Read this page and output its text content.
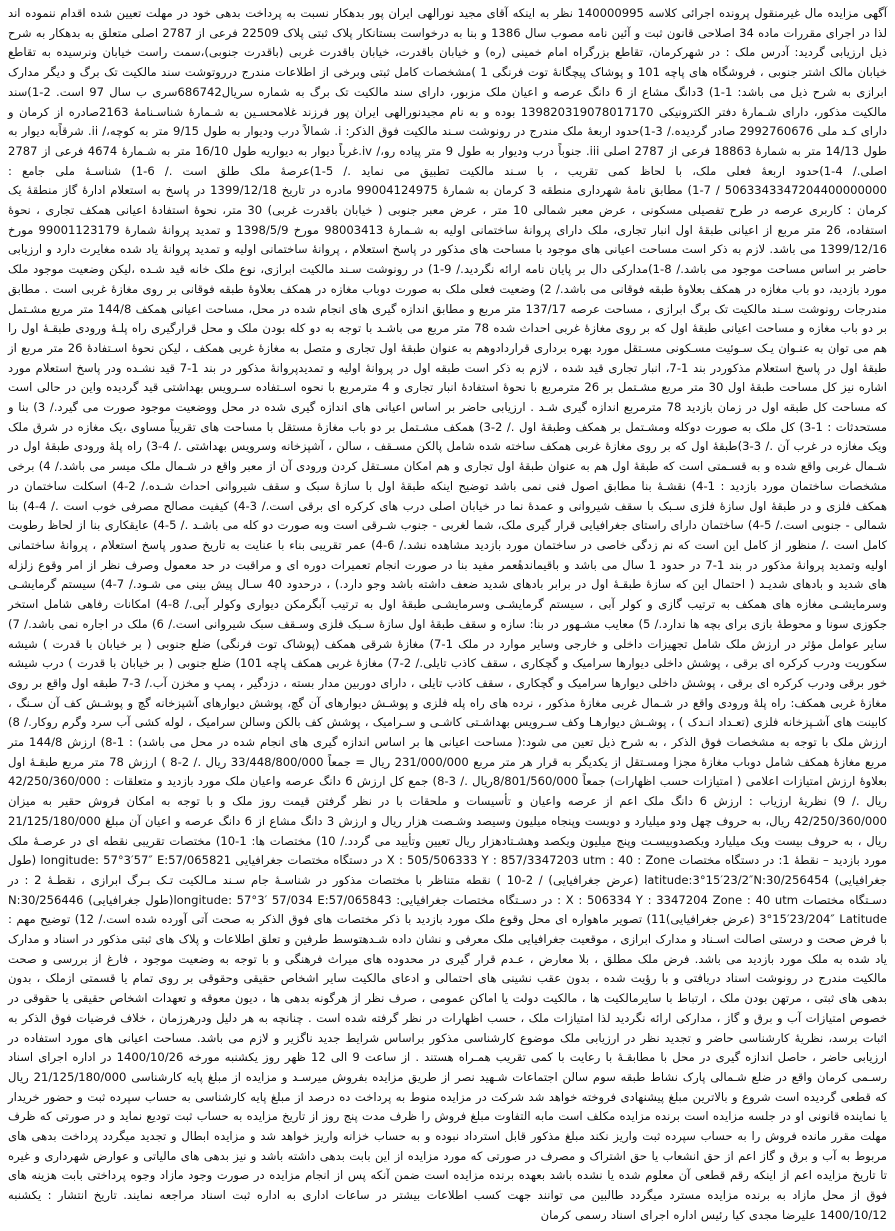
آگهی مزایده مال غیرمنقول پرونده اجرائی کلاسه 140000995 نظر به اینکه آقای مجید نورالهی ایران پور بدهکار نسبت به پرداخت بدهی خود در مهلت تعیین شده اقدام ننموده اند لذا در اجرای مقررات ماده 34 اصلاحی قانون ثبت و آئین نامه مصوب سال 1386 و بنا به درخواست بستانکار پلاک ثبتی پلاک 22509 فرعی از 2787 اصلی متعلق به بدهکار به شرح ذیل ارزیابی گردید: آدرس ملک : در شهرکرمان، تقاطع بزرگراه امام خمینی (ره) و خیابان باقدرت، خیابان باقدرت غربی (باقدرت جنوبی)،سمت راست خیابان ونرسیده به تقاطع خیابان مالک اشتر جنوبی ، فروشگاه های پاچه 101 و پوشاک پیچگانهٔ توت فرنگی 1 )مشخصات کامل ثبتی وبرخی از اطلاعات مندرج درروتوشت سند مالکیت تک برگ و دیگر مدارک ابرازی به شرح ذیل می باشد: 1-1) 3دانگ مشاع از 6 دانگ عرصه و اعیان ملک مزبور، دارای سند مالکیت تک برگ به شماره سریال686742سری ب سال 97 است. 2-1)سند مالکیت مذکور، دارای شـمارهٔ دفتر الکترونیکی 139820319078017170 بوده و به نام مجیدنورالهی ایران پور فرزند غلامحسـین به شـمارهٔ شناسـنامهٔ 2163صادره از کرمان و دارای کـد ملی 2992760676 صادر گردیده./ 3-1)حدود اربعهٔ ملک مندرج در رونوشت سـند مالکیت فوق الذکر: i. شمالاً درب ودیوار به طول 9/15 متر به کوچه،/ ii. شرقاًبه دیوار به طول 14/13 متر به شمارهٔ 18863 فرعی از 2787 اصلی iii. جنوباً درب ودیوار به طول 9 متر پیاده رو،/ iv.غرباً دیوار به دیواریه طول 16/10 متر به شـمارهٔ 4674 فرعی از 2787 اصلی./ 4-1)حدود اربعهٔ فعلی ملک، با لحاظ کمی تقریب ، با سـند مالکیت تطبیق می نماید ./ 5-1)عرصهٔ ملک طلق است ./ 6-1) شناسـهٔ ملی جامع : 5063343347204400000000 / 7-1) مطابق نامهٔ شهرداری منطقه 3 کرمان به شمارهٔ 99004124975 مادره در تاریخ 1399/12/18 در پاسخ به استعلام ادارهٔ گاز منطقهٔ یک کرمان : کاربری عرصه در طرح تفصیلی مسکونی ، عرض معبر شمالی 10 متر ، عرض معبر جنوبی ( خیابان باقدرت غربی) 30 متر، نحوهٔ استفادهٔ اعیانی همکف تجاری ، نحوهٔ استفاده، 26 متر مربع از اعیانی طبقهٔ اول انبار تجاری، ملک دارای پروانهٔ ساختمانی اولیه به شـمارهٔ 98003413 مورخ 1398/5/9 و تمدید پروانهٔ شمارهٔ 99001123179 مورخ 1399/12/16 می باشد. لازم به ذکر است مساحت اعیانی های موجود با مساحت های مذکور در پاسخ استعلام ، پروانهٔ ساختمانی اولیه و تمدید پروانهٔ یاد شده مغایرت دارد و ارزیابی حاضر بر اساس مساحت موجود می باشد./ 8-1)مدارکی دال بر پایان نامه ارائه نگردید./ 9-1) در رونوشت سـند مالکیت ابرازی، نوع ملک خانه قید شـده ،لیکن وضعیت موجود ملک مورد بازدید، دو باب مغازه در همکف بعلاوهٔ طبقه فوقانی می باشد./ 2) وضعیت فعلی ملک به صورت دوباب مغازه در همکف بعلاوهٔ طبقه فوقانی بر روی مغازهٔ غربی است . مطابق مندرجات رونوشت سـند مالکیت تک برگ ابرازی ، مساحت عرصه 137/17 متر مربع و مطابق اندازه گیری های انجام شده در محل، مساحت اعیانی همکف 144/8 متر مربع مشـتمل بر دو باب مغازه و مساحت اعیانی طبقهٔ اول که بر روی مغازهٔ غربی احداث شده 78 متر مربع می باشـد با توجه به دو کله بودن ملک و محل قرارگیری راه پلـهٔ ورودی طبقـهٔ اول را هم می توان به عنـوان یـک سـوئیت مسـکونی مسـتقل مورد بهره برداری قراردادوهم به عنوان طبقهٔ اول تجاری و متصل به مغازهٔ غربی همکف ، لیکن نحوهٔ اسـتفادهٔ 26 متر مربع از طبقهٔ اول در پاسخ استعلام مذکوردر بند 1-7، انبار تجاری قید شده ، لازم به ذکر است طبقه اول در پروانهٔ اولیه و تمدیدپروانهٔ مذکور در بند 1-7 قید نشـده ودر پاسخ استعلام مورد اشاره نیز کل مساحت طبقهٔ اول 30 متر مربع مشـتمل بر 26 مترمربع با نحوهٔ استفادهٔ انبار تجاری و 4 مترمربع با نحوه اسـتفاده سـرویس بهداشتی قید گردیده واین در حالی است که مساحت کل طبقه اول در زمان بازدید 78 مترمربع اندازه گیری شـد . ارزیابی حاضر بر اساس اعیانی های اندازه گیری شده در محل ووضعیت موجود صورت می گیرد./ 3) بنا و مستحدثات : 1-3) کل ملک به صورت دوکله ومشـتمل بر همکف وطبقهٔ اول ./ 2-3) همکف مشـتمل بر دو باب مغازهٔ مستقل با مساحت های تقریباً مساوی ،یک مغازه در شرق ملک ویک مغازه در غرب آن ./ 3-3)طبقهٔ اول که بر روی مغازهٔ غربی همکف ساخته شده شامل پالکن مسـقف ، سالن ، آشپزخانه وسرویس بهداشتی ./ 4-3) راه پلهٔ ورودی طبقهٔ اول در شـمال غربی واقع شده و به قسـمتی است که طبقهٔ اول هم به عنوان طبقهٔ اول تجاری و هم امکان مسـتقل کردن ورودی آن از معبر واقع در شـمال ملک میسر می باشد./ 4) برخی مشخصات ساختمان مورد بازدید : 1-4) نقشـهٔ بنا مطابق اصول فنی نمی باشد توضیح اینکه طبقهٔ اول با سازهٔ سبک و سقف شیروانی احداث شـده./ 2-4) اسکلت ساختمان در همکف فلزی و در طبقهٔ اول سازهٔ فلزی سـبک با سقف شیروانی و عمدهٔ نما در خیابان اصلی درب های کرکره ای برقی است./ 3-4) کیفیت مصالح مصرفی خوب است ./ 4-4) بنا شمالی - جنوبی است./ 5-4) ساختمان دارای راستای جغرافیایی قرار گیری ملک، شما لغربی - جنوب شـرقی است وبه صورت دو کله می باشـد ./ 5-4) عایقکاری بنا از لحاظ رطوبت کامل است ./ منظور از کامل این است که نم زدگی خاصی در ساختمان مورد بازدید مشاهده نشد./ 6-4) عمر تقریبی بناء با عنایت به تاریخ صدور پاسخ استعلام ، پروانهٔ ساختمانی اولیه وتمدید پروانهٔ مذکور در بند 1-7 در حدود 1 سال می باشد و باقیماندهٔعمر مفید بنا در صورت انجام تعمیرات دوره ای و مراقبت در حد معمول وصرف نظر از امر وقوع زلزله های شدید و بادهای شدیـد ( احتمال این که سازهٔ طبقـهٔ اول در برابر بادهای شدید ضعف داشته باشد وجو دارد.) ، درحدود 40 سـال پیش بینی می شـود./ 7-4) سیستم گرمایشـی وسرمایشـی مغازه های همکف به ترتیب گازی و کولر آبی ، سیستم گرمایشـی وسرمایشـی طبقهٔ اول به ترتیب آبگرمکن دیواری وکولر آبی./ 8-4) امکانات رفاهی شامل استخر جکوزی سونا و محوطهٔ بازی برای بچه ها ندارد./ 5) معایب مشـهور در بنا: سازه و سقف طبقهٔ اول سازهٔ سـبک فلزی وسـقف سبک شیروانی است./ 6) ملک در اجاره نمی باشد./ 7) سایر عوامل مؤثر در ارزش ملک شامل تجهیزات داخلی و خارجی وسایر موارد در ملک 1-7) مغازهٔ شرقی همکف (پوشاک توت فرنگی) ضلع جنوبی ( بر خیابان با قدرت ) شیشه سکوریت ودرب کرکره ای برقی ، پوشش داخلی دیوارها سرامیک و گچکاری ، سقف کاذب تایلی./ 2-7) مغازهٔ غربی همکف پاچه 101) ضلع جنوبی ( بر خیابان با قدرت ) درب شیشه خور برقی ودرب کرکره ای برقی ، پوشش داخلی دیوارها سرامیک و گچکاری ، سقف کاذب تایلی ، دارای دوربین مدار بسته ، دزدگیر ، پمپ و مخزن آب./ 3-7 طبقه اول واقع بر روی مغازهٔ غربی همکف: راه پلهٔ ورودی واقع در شـمال غربی مغازهٔ مذکور ، نرده های راه پله فلزی و پوشـش دیوارهای آن گچ، پوشش دیوارهای آشپزخانه گچ و پوشـش کف آن سـنگ ، کابینت های آشـپزخانه فلزی (تعـداد انـدک ) ، پوشـش دیوارهـا وکف سـرویس بهداشـتی کاشـی و سـرامیک ، پوشش کف بالکن وسالن سرامیک ، لوله کشی آب سرد وگرم روکار./ 8) ارزش ملک با توجه به مشخصات فوق الذکر ، به شرح ذیل تعین می شود:( مساحت اعیانی ها بر اساس اندازه گیری های انجام شده در محل می باشد) : 1-8) ارزش 144/8 متر مربع مغازهٔ همکف شامل دوباب مغازهٔ مجزا ومسـتقل از یکدیگر به قرار هر متر مربع 231/000/000 ریال = جمعاً 33/448/800/000 ریال ./ 2-8 ) ارزش 78 متر مربع طبقـهٔ اول بعلاوهٔ ارزش امتیازات اعلامی ( امتیازات حسب اظهارات) جمعاً 8/801/560/000ریال ./ 3-8) جمع کل ارزش 6 دانگ عرصه واعیان ملک مورد بازدید و متعلقات : 42/250/360/000 ریال ./ 9) نظریهٔ ارزیاب : ارزش 6 دانگ ملک اعم از عرصه واعیان و تأسیسات و ملحقات با در نظر گرفتن قیمت روز ملک و با توجه به امکان فروش حقیر به میزان 42/250/360/000 ریال، به حروف چهل ودو میلیارد و دویست وپنجاه میلیون وسیصد وشـصت هزار ریال و ارزش 3 دانگ مشاع از 6 دانگ عرصه و اعیان آن مبلغ 21/125/180/000 ریال ، به حروف بیست ویک میلیارد ویکصدوبیسـت وپنج میلیون ویکصد وهشـتادهزار ریال تعیین وتأیید می گردد./ 10) مختصات ها: 1-10) مختصات تقریبی نقطه ای در عرصـهٔ ملک مورد بازدید – نقطهٔ 1: در دستگاه مختصات X : 505/506333 Y : 857/3347203 utm : 40 : Zone در دستگاه مختصات جغرافیایی longitude: 57°3′57″ E:57/065821 (طول جغرافیایی) latitude:3°15′23/2″N:30/256454 (عرض جغرافیایی) / 2-10 ) نقطه متناظر با مختصات مذکور در شناسـهٔ جام سـند مـالکیت تـک بـرگ ابرازی ، نقطـهٔ 2 : در دسـتگاه مختصات X : 506334 Y : 3347204 Zone : 40 utm : در دسـتگاه مختصات جغرافیایی: longitude: 57°3′ 57/034 E:57/065843(طول جغرافیایی) N:30/256446 3°15′23/204″ Latitude (عرض جغرافیایی)11) تصویر ماهواره ای محل وقوع ملک مورد بازدید با ذکر مختصات های فوق الذکر به صحت آتی آورده شده است./ 12) توضیح مهم : با فرض صحت و درستی اصالت اسـناد و مدارک ابرازی ، موقعیت جغرافیایی ملک معرفی و نشان داده شـدهتوسط طرفین و تعلق اطلاعات و پلاک های ثبتی مذکور در اسناد و مدارک یاد شده به ملک مورد بازدید می باشد. فرض ملک مطلق ، بلا معارض ، عـدم قرار گیری در محدوده های میراث فرهنگی و با توجه به وضعیت موجود ، فارغ از بررسی و صحت مالکیت مندرج در رونوشت اسناد دریافتی و با رؤیت شده ، بدون عقب نشینی های احتمالی و ادعای مالکیت سایر اشخاص حقیقی وحقوقی بر روی تمام یا قسمتی ازملک ، بدون بدهی های ثبتی ، مرتهن بودن ملک ، ارتباط با سایرمالکیت ها ، مالکیت دولت یا اماکن عمومی ، صرف نظر از هرگونه بدهی ها ، دیون معوقه و تعهدات اشخاص حقیقی یا حقوقی در خصوص امتیازات آب و برق و گاز ، مدارکی ارائه نگردید لذا امتیازات ملک ، حسب اظهارات در نظر گرفته شده است . چنانچه به هر دلیل ودرهرزمان ، خلاف فرضیات فوق الذکر به اثبات برسد، نظریهٔ کارشناسی حاضر و تجدید نظر در ارزیابی ملک موضوع کارشناسی مذکور براساس شرایط جدید ناگزیر و لازم می باشد. مساحت اعیانی های مورد استفاده در ارزیابی حاضر ، حاصل اندازه گیری در محل با مطابقـهٔ با رعایت با کمی تقریب همـراه هستند . از ساعت 9 الی 12 ظهر روز یکشنبه مورخه 1400/10/26 در اداره اجرای اسناد رسـمی کرمان واقع در ضلع شـمالی پارک نشاط طبقه سوم سالن اجتماعات شـهید نصر از طریق مزایده بفروش میرسـد و مزایده از مبلغ پایه کارشناسی 21/125/180/000 ریال که قطعی گردیده است شروع و بالاترین مبلغ پیشنهادی فروخته خواهد شد شرکت در مزایده منوط به پرداخت ده درصد از مبلغ پایه کارشناسی به حساب سپرده ثبت و حضور خریدار یا نماینده قانونی او در جلسه مزایده است برنده مزایده مکلف است مابه التفاوت مبلغ فروش را ظرف مدت پنج روز از تاریخ مزایده به حساب ثبت تودیع نماید و در صورتی که ظرف مهلت مقرر مانده فروش را به حساب سپرده ثبت واریز نکند مبلغ مذکور قابل استرداد نبوده و به حساب خزانه واریز خواهد شد و مزایده ابطال و تجدید میگردد پرداخت بدهی های مربوط به آب و برق و گاز اعم از حق انشعاب یا حق اشتراک و مصرف در صورتی که مورد مزایده از این بابت بدهی داشته باشد و نیز بدهی های مالیاتی و عوارض شهرداری و غیره تا تاریخ مزایده اعم از اینکه رقم قطعی آن معلوم شده یا نشده باشد بعهده برنده مزایده است ضمن آنکه پس از انجام مزایده در صورت وجود مازاد وجوه پرداختی بابت هزینه های فوق از محل مازاد به برنده مزایده مسترد میگردد طالبین می توانند جهت کسب اطلاعات بیشتر در ساعات اداری به اداره ثبت اسناد مراجعه نمایند. تاریخ انتشار : یکشنبه 1400/10/12 علیرضا مجدی کیا رئیس اداره اجرای اسناد رسمی کرمان
